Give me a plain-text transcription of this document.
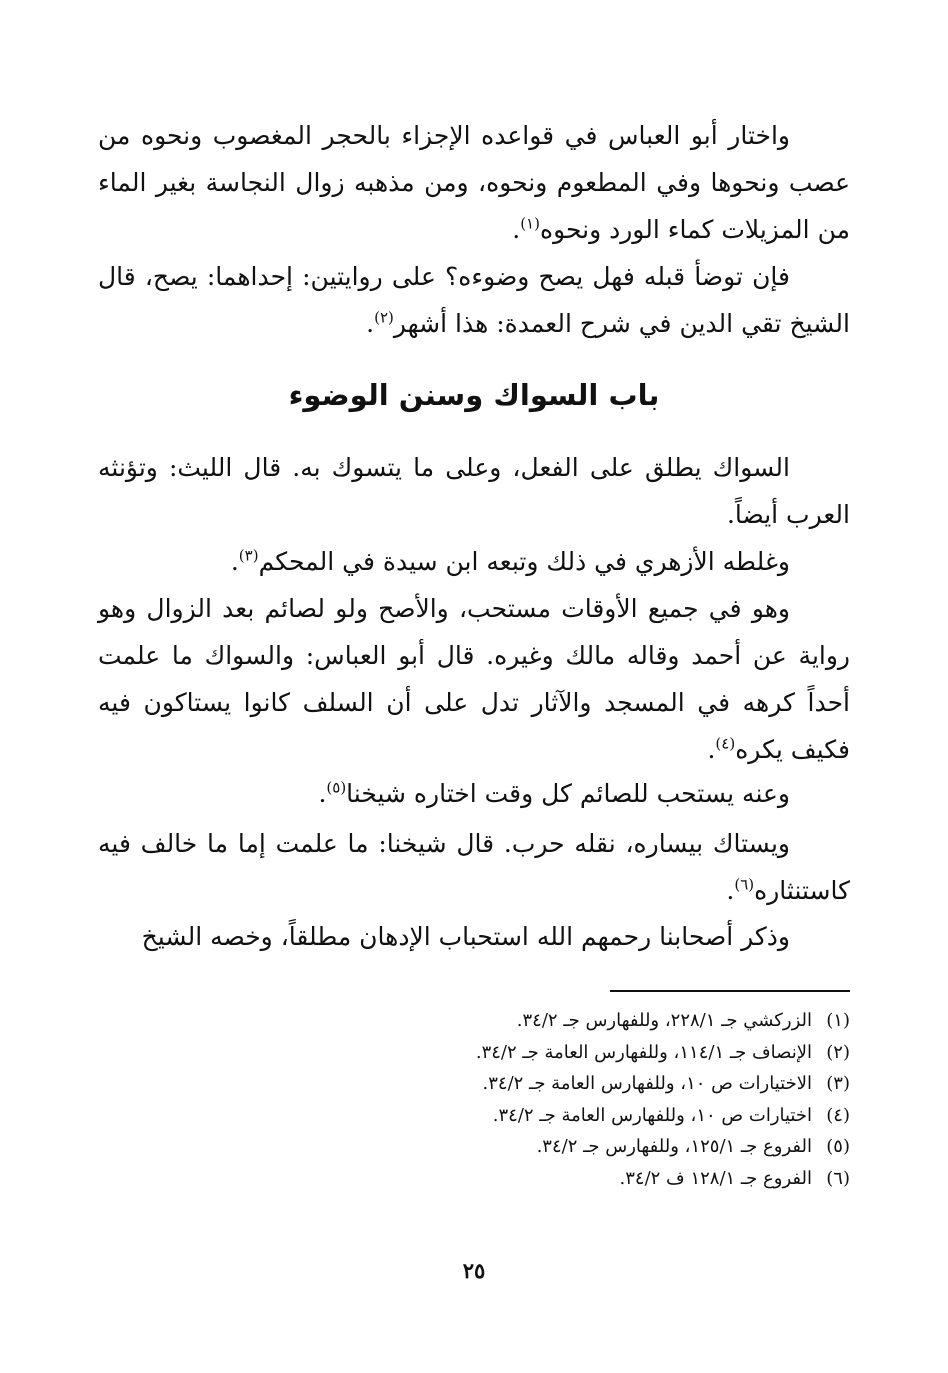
واختار أبو العباس في قواعده الإجزاء بالحجر المغصوب ونحوه من عصب ونحوها وفي المطعوم ونحوه، ومن مذهبه زوال النجاسة بغير الماء من المزيلات كماء الورد ونحوه$^{(١)}$.

فإن توضأ قبله فهل يصح وضوءه؟ على روايتين: إحداهما: يصح، قال الشيخ تقي الدين في شرح العمدة: هذا أشهر$^{(٢)}$.

باب السواك وسنن الوضوء

السواك يطلق على الفعل، وعلى ما يتسوك به. قال الليث: وتؤنثه العرب أيضاً.

وغلطه الأزهري في ذلك وتبعه ابن سيدة في المحكم$^{(٣)}$.

وهو في جميع الأوقات مستحب، والأصح ولو لصائم بعد الزوال وهو رواية عن أحمد وقاله مالك وغيره. قال أبو العباس: والسواك ما علمت أحداً كرهه في المسجد والآثار تدل على أن السلف كانوا يستاكون فيه فكيف يكره$^{(٤)}$.

وعنه يستحب للصائم كل وقت اختاره شيخنا$^{(٥)}$.

ويستاك بيساره، نقله حرب. قال شيخنا: ما علمت إما ما خالف فيه كاستنثاره$^{(٦)}$.

وذكر أصحابنا رحمهم الله استحباب الإدهان مطلقاً، وخصه الشيخ

(١)الزركشي جـ ٢٢٨/١، وللفهارس جـ ٣٤/٢.
(٢)الإنصاف جـ ١١٤/١، وللفهارس العامة جـ ٣٤/٢.
(٣)الاختيارات ص ١٠، وللفهارس العامة جـ ٣٤/٢.
(٤)اختيارات ص ١٠، وللفهارس العامة جـ ٣٤/٢.
(٥)الفروع جـ ١٢٥/١، وللفهارس جـ ٣٤/٢.
(٦)الفروع جـ ١٢٨/١ ف ٣٤/٢.
٢٥
